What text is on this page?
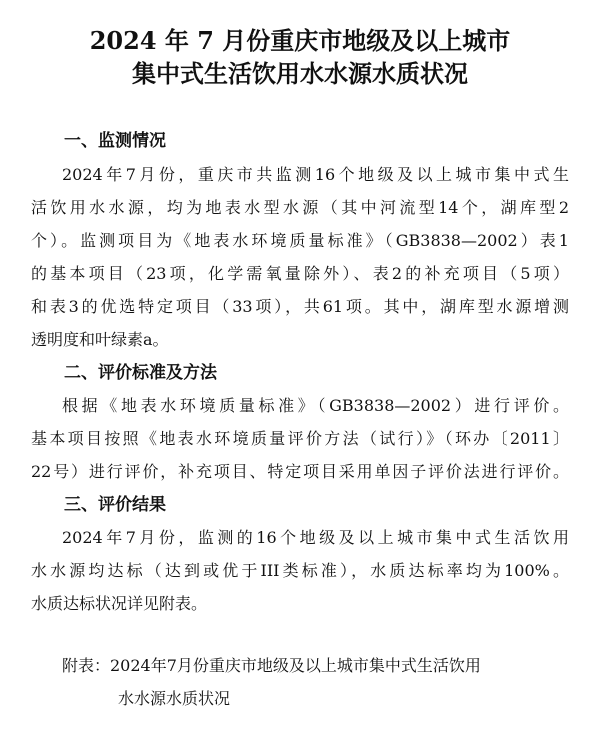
2024 年 7 月份重庆市地级及以上城市
集中式生活饮用水水源水质状况
一、监测情况
2024年7月份，重庆市共监测16个地级及以上城市集中式生
活饮用水水源，均为地表水型水源（其中河流型14个，湖库型2
个）。监测项目为《地表水环境质量标准》（GB3838—2002）表1
的基本项目（23项，化学需氧量除外）、表2的补充项目（5项）
和表3的优选特定项目（33项），共61项。其中，湖库型水源增测
透明度和叶绿素a。
二、评价标准及方法
根据《地表水环境质量标准》（GB3838—2002）进行评价。
基本项目按照《地表水环境质量评价方法（试行）》（环办〔2011〕
22号）进行评价，补充项目、特定项目采用单因子评价法进行评价。
三、评价结果
2024年7月份，监测的16个地级及以上城市集中式生活饮用
水水源均达标（达到或优于III类标准），水质达标率均为100%。
水质达标状况详见附表。
附表：2024年7月份重庆市地级及以上城市集中式生活饮用
水水源水质状况
